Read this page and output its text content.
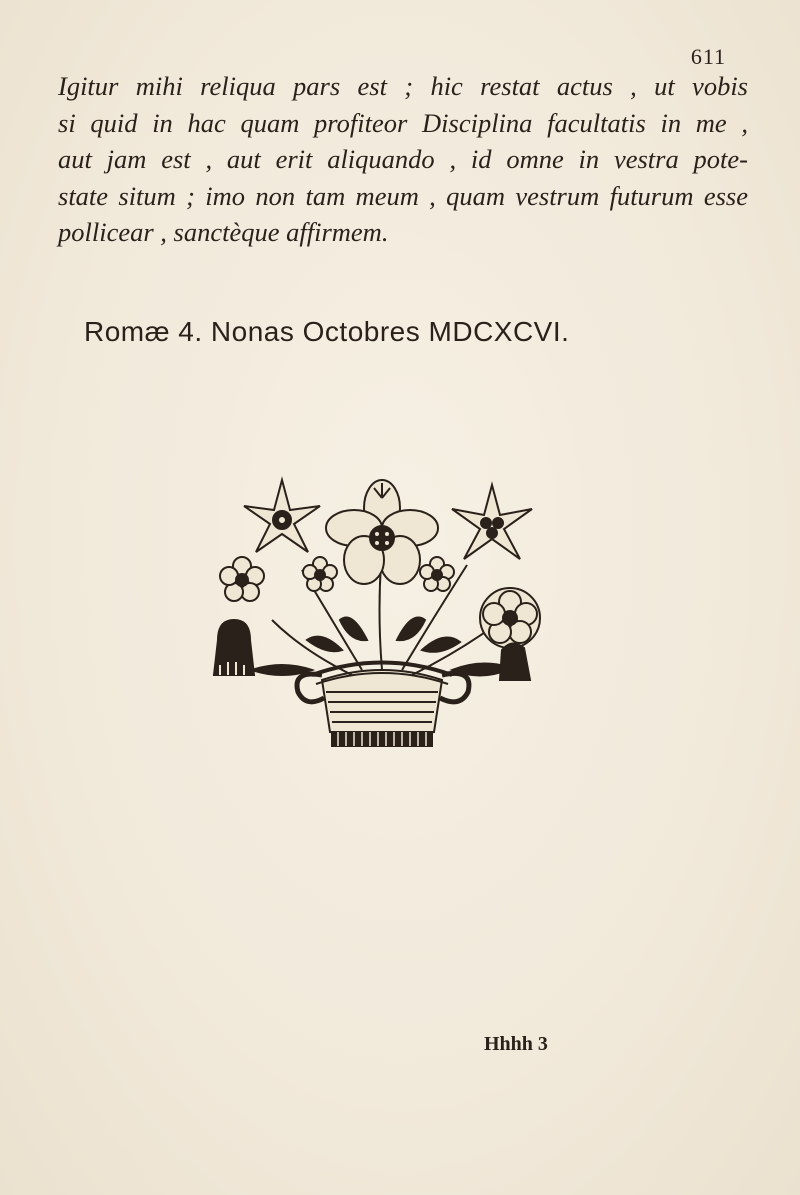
611
Igitur mihi reliqua pars est ; hic restat actus , ut vobis
si quid in hac quam profiteor Disciplina facultatis in me ,
aut jam est , aut erit aliquando , id omne in vestra pote-
state situm ; imo non tam meum , quam vestrum futurum esse
pollicear , sanctèque affirmem.
Romæ 4. Nonas Octobres MDCXCVI.
Hhhh 3
